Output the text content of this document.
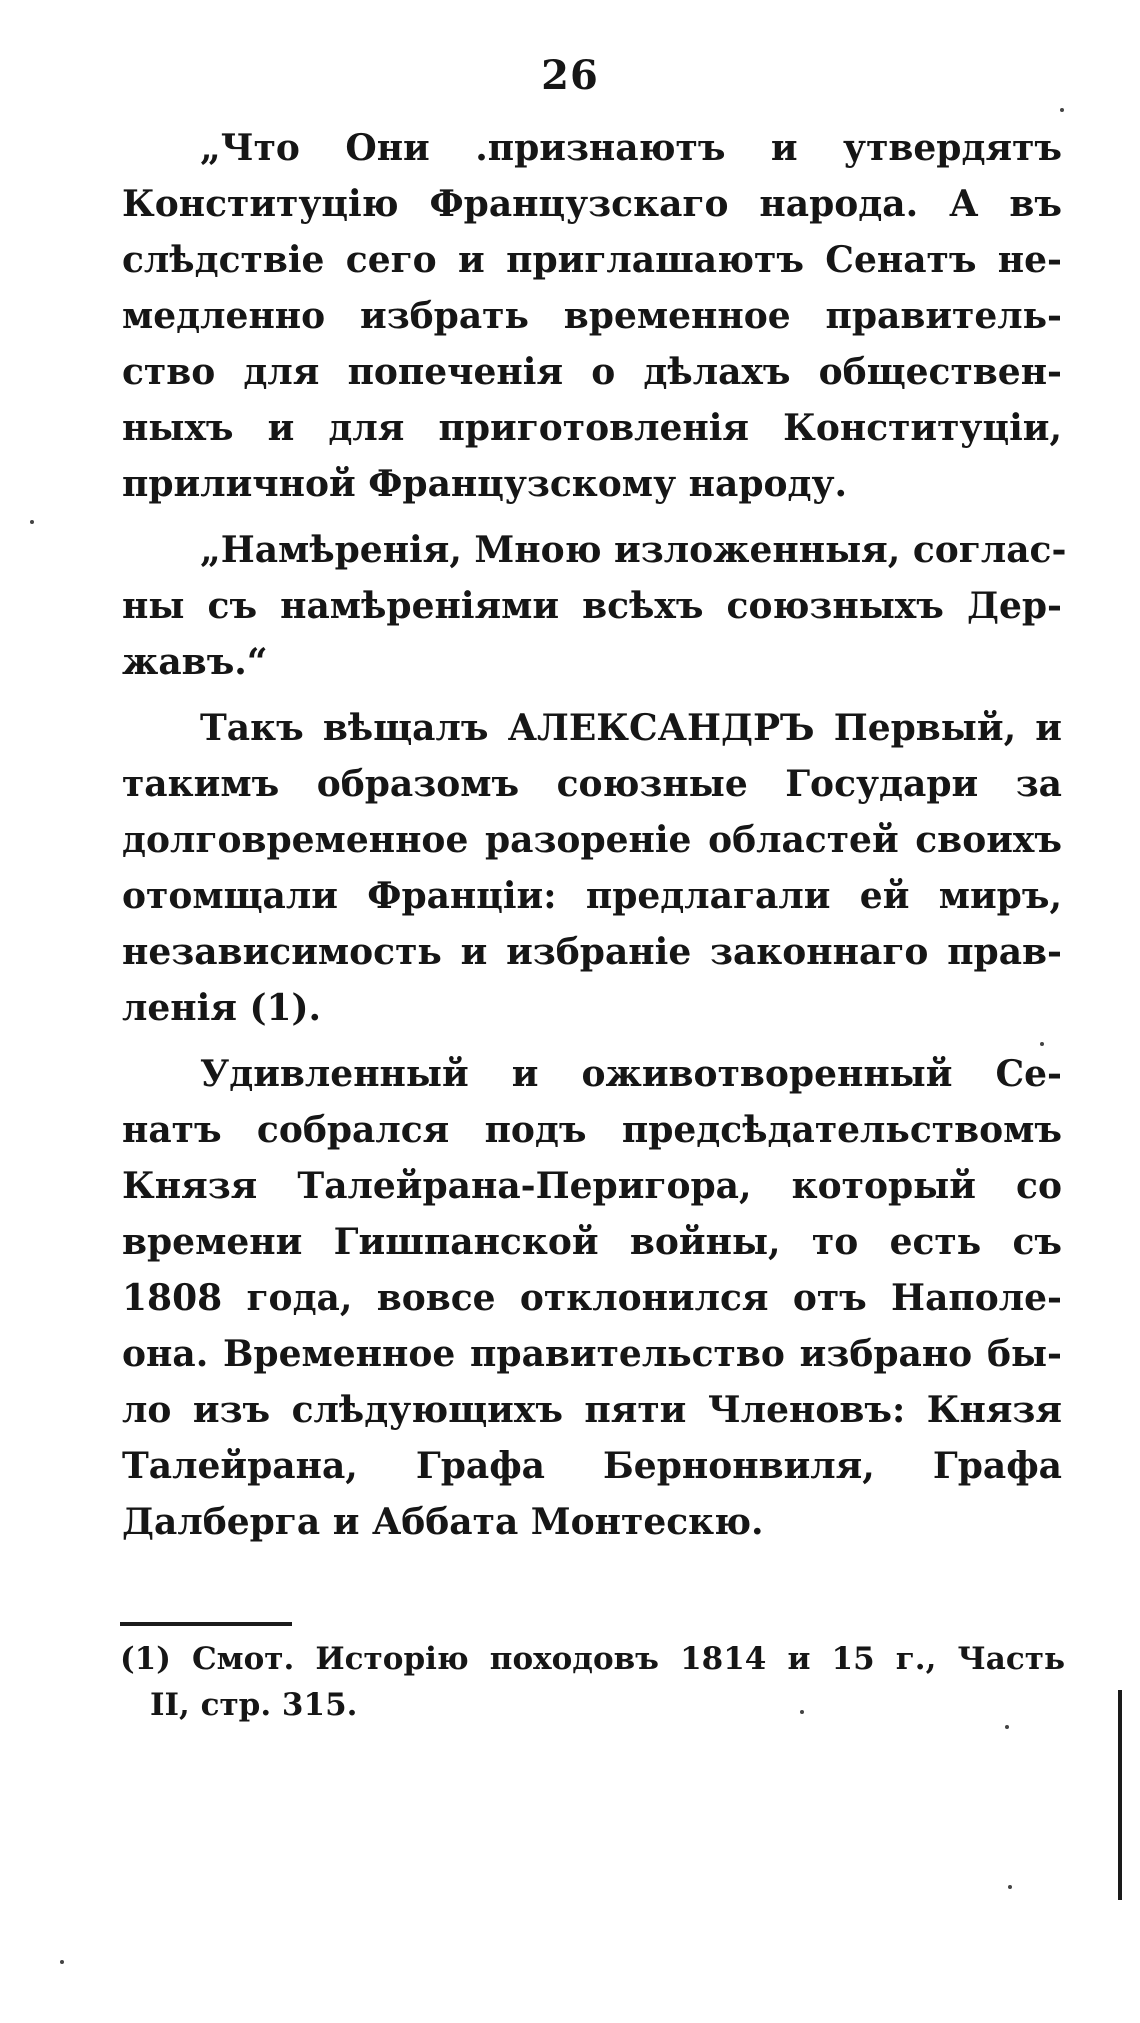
26
„Что Они .признаютъ и утвердятъ
Конституцію Французскаго народа. А въ
слѣдствіе сего и приглашаютъ Сенатъ не-
медленно избрать временное правитель-
ство для попеченія о дѣлахъ обществен-
ныхъ и для приготовленія Конституціи,
приличной Французскому народу.
„Намѣренія, Мною изложенныя, соглас-
ны съ намѣреніями всѣхъ союзныхъ Дер-
жавъ.“
Такъ вѣщалъ АЛЕКСАНДРЪ Первый, и
такимъ образомъ союзные Государи за
долговременное разореніе областей своихъ
отомщали Франціи: предлагали ей миръ,
независимость и избраніе законнаго прав-
ленія (1).
Удивленный и оживотворенный Се-
натъ собрался подъ предсѣдательствомъ
Князя Талейрана-Перигора, который со
времени Гишпанской войны, то есть съ
1808 года, вовсе отклонился отъ Наполе-
она. Временное правительство избрано бы-
ло изъ слѣдующихъ пяти Членовъ: Князя
Талейрана, Графа Бернонвиля, Графа
Далберга и Аббата Монтескю.
(1) Смот. Исторію походовъ 1814 и 15 г., Часть
II, стр. 315.
